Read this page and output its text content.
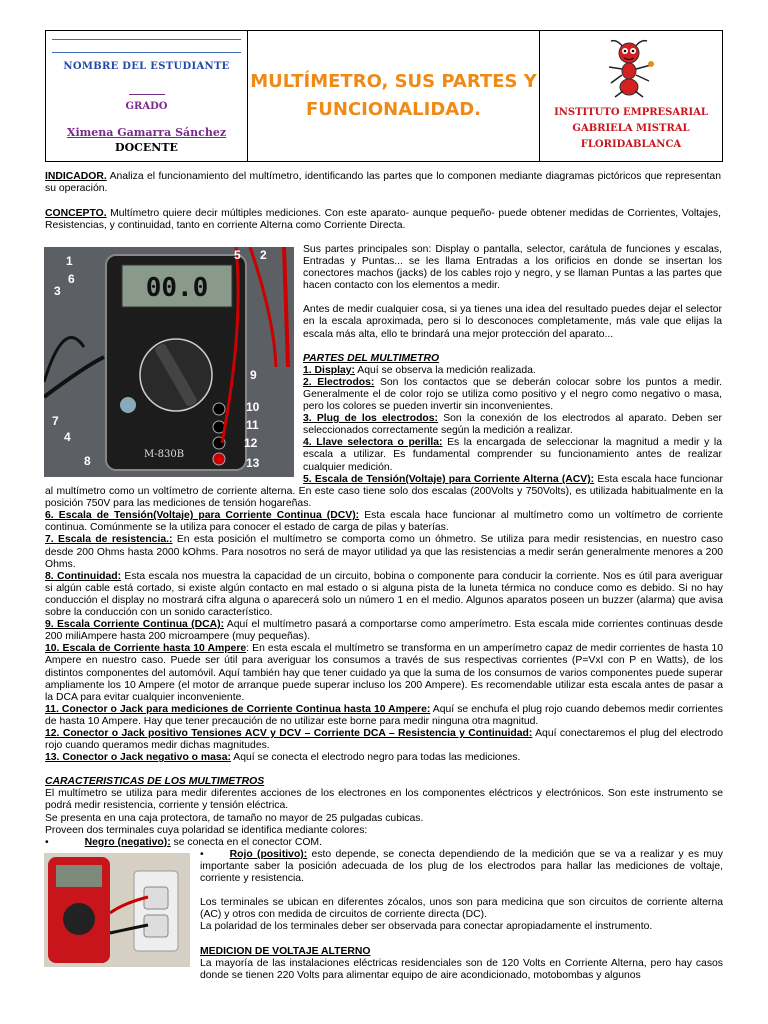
NOMBRE DEL ESTUDIANTE
GRADO
Ximena Gamarra Sánchez
DOCENTE
MULTÍMETRO, SUS PARTES Y
FUNCIONALIDAD.	INSTITUTO EMPRESARIAL
GABRIELA MISTRAL
FLORIDABLANCA
INDICADOR. Analiza el funcionamiento del multímetro, identificando las partes que lo componen mediante diagramas pictóricos que representan su operación.
CONCEPTO. Multímetro quiere decir múltiples mediciones. Con este aparato- aunque pequeño- puede obtener medidas de Corrientes, Voltajes, Resistencias, y continuidad, tanto en corriente Alterna como Corriente Directa.
00.0
M-830B
1	2
3
4
5
6
7
8
9
10
11
12
13

Sus partes principales son: Display o pantalla, selector, carátula de funciones y escalas, Entradas y Puntas... se les llama Entradas a los orificios en donde se insertan los conectores machos (jacks) de los cables rojo y negro, y se llaman Puntas a las partes que hacen contacto con los elementos a medir.

Antes de medir cualquier cosa, si ya tienes una idea del resultado puedes dejar el selector en la escala aproximada, pero si lo desconoces completamente, más vale que elijas la escala más alta, ello te brindará una mejor protección del aparato...

PARTES DEL MULTIMETRO

1. Display: Aquí se observa la medición realizada.

2. Electrodos: Son los contactos que se deberán colocar sobre los puntos a medir. Generalmente el de color rojo se utiliza como positivo y el negro como negativo o masa, pero los colores se pueden invertir sin inconvenientes.

3. Plug de los electrodos: Son la conexión de los electrodos al aparato. Deben ser seleccionados correctamente según la medición a realizar.

4. Llave selectora o perilla: Es la encargada de seleccionar la magnitud a medir y la escala a utilizar. Es fundamental comprender su funcionamiento antes de realizar cualquier medición.

5. Escala de Tensión(Voltaje) para Corriente Alterna (ACV): Esta escala hace funcionar al multímetro como un voltímetro de corriente alterna. En este caso tiene solo dos escalas (200Volts y 750Volts), es utilizada habitualmente en la posición 750V para las mediciones de tensión hogareñas.

6. Escala de Tensión(Voltaje) para Corriente Continua (DCV): Esta escala hace funcionar al multímetro como un voltímetro de corriente continua. Comúnmente se la utiliza para conocer el estado de carga de pilas y baterías.

7. Escala de resistencia.: En esta posición el multímetro se comporta como un óhmetro. Se utiliza para medir resistencias, en nuestro caso desde 200 Ohms hasta 2000 kOhms. Para nosotros no será de mayor utilidad ya que las resistencias a medir serán generalmente menores a 200 Ohms.

8. Continuidad: Esta escala nos muestra la capacidad de un circuito, bobina o componente para conducir la corriente. Nos es útil para averiguar si algún cable está cortado, si existe algún contacto en mal estado o si alguna pista de la luneta térmica no conduce como es debido. Si no hay conducción el display no mostrará cifra alguna o aparecerá solo un número 1 en el medio. Algunos aparatos poseen un buzzer (alarma) que avisa sobre la conducción con un sonido característico.

9. Escala Corriente Continua (DCA): Aquí el multímetro pasará a comportarse como amperímetro. Esta escala mide corrientes continuas desde 200 miliAmpere hasta 200 microampere (muy pequeñas).

10. Escala de Corriente hasta 10 Ampere: En esta escala el multímetro se transforma en un amperímetro capaz de medir corrientes de hasta 10 Ampere en nuestro caso. Puede ser útil para averiguar los consumos a través de sus respectivas corrientes (P=VxI con P en Watts), de los distintos componentes del automóvil. Aquí también hay que tener cuidado ya que la suma de los consumos de varios componentes puede superar ampliamente los 10 Ampere (el motor de arranque puede superar incluso los 200 Ampere). Es recomendable utilizar esta escala antes de pasar a la DCA para evitar cualquier inconveniente.

11. Conector o Jack para mediciones de Corriente Continua hasta 10 Ampere: Aquí se enchufa el plug rojo cuando debemos medir corrientes de hasta 10 Ampere. Hay que tener precaución de no utilizar este borne para medir ninguna otra magnitud.

12. Conector o Jack positivo Tensiones ACV y DCV – Corriente DCA – Resistencia y Continuidad: Aquí conectaremos el plug del electrodo rojo cuando queramos medir dichas magnitudes.

13. Conector o Jack negativo o masa: Aquí se conecta el electrodo negro para todas las mediciones.

CARACTERISTICAS DE LOS MULTIMETROS

El multímetro se utiliza para medir diferentes acciones de los electrones en los componentes eléctricos y electrónicos. Son este instrumento se podrá medir resistencia, corriente y tensión eléctrica.

Se presenta en una caja protectora, de tamaño no mayor de 25 pulgadas cubicas.

Proveen dos terminales cuya polaridad se identifica mediante colores:

•	Negro (negativo): se conecta en el conector COM.

• Rojo (positivo): esto depende, se conecta dependiendo de la medición que se va a realizar y es muy importante saber la posición adecuada de los plug de los electrodos para hallar las mediciones de voltaje, corriente y resistencia.

Los terminales se ubican en diferentes zócalos, unos son para medicina que son circuitos de corriente alterna (AC) y otros con medida de circuitos de corriente directa (DC).

La polaridad de los terminales deber ser observada para conectar apropiadamente el instrumento.

MEDICION DE VOLTAJE ALTERNO

La mayoría de las instalaciones eléctricas residenciales son de 120 Volts en Corriente Alterna, pero hay casos donde se tienen 220 Volts para alimentar equipo de aire acondicionado, motobombas y algunos
